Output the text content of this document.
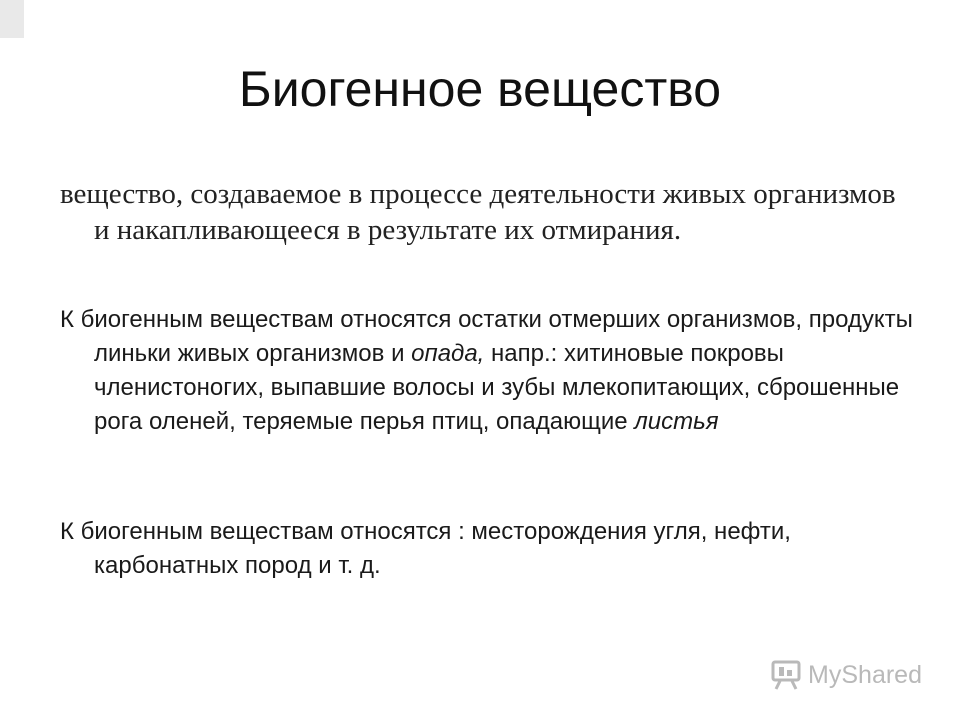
Биогенное вещество

вещество, создаваемое в процессе деятельности живых организмов и накапливающееся в результате их отмирания.

К биогенным веществам относятся остатки отмерших организмов, продукты линьки живых организмов и опада, напр.: хитиновые покровы членистоногих, выпавшие волосы и зубы млекопитающих, сброшенные рога оленей, теряемые перья птиц, опадающие листья

К биогенным веществам относятся : месторождения угля, нефти, карбонатных пород и т. д.

MyShared
